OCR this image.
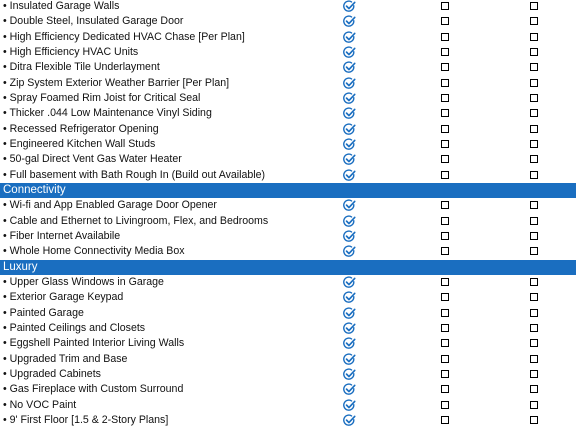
• Insulated Garage Walls
• Double Steel, Insulated Garage Door
• High Efficiency Dedicated HVAC Chase [Per Plan]
• High Efficiency HVAC Units
• Ditra Flexible Tile Underlayment
• Zip System Exterior Weather Barrier [Per Plan]
• Spray Foamed Rim Joist for Critical Seal
• Thicker .044 Low Maintenance Vinyl Siding
• Recessed Refrigerator Opening
• Engineered Kitchen Wall Studs
• 50-gal Direct Vent Gas Water Heater
• Full basement with Bath Rough In (Build out Available)
Connectivity
• Wi-fi and App Enabled Garage Door Opener
• Cable and Ethernet to Livingroom, Flex, and Bedrooms
• Fiber Internet Availabile
• Whole Home Connectivity Media Box
Luxury
• Upper Glass Windows in Garage
• Exterior Garage Keypad
• Painted Garage
• Painted Ceilings and Closets
• Eggshell Painted Interior Living Walls
• Upgraded Trim and Base
• Upgraded Cabinets
• Gas Fireplace with Custom Surround
• No VOC Paint
• 9' First Floor [1.5 & 2-Story Plans]
